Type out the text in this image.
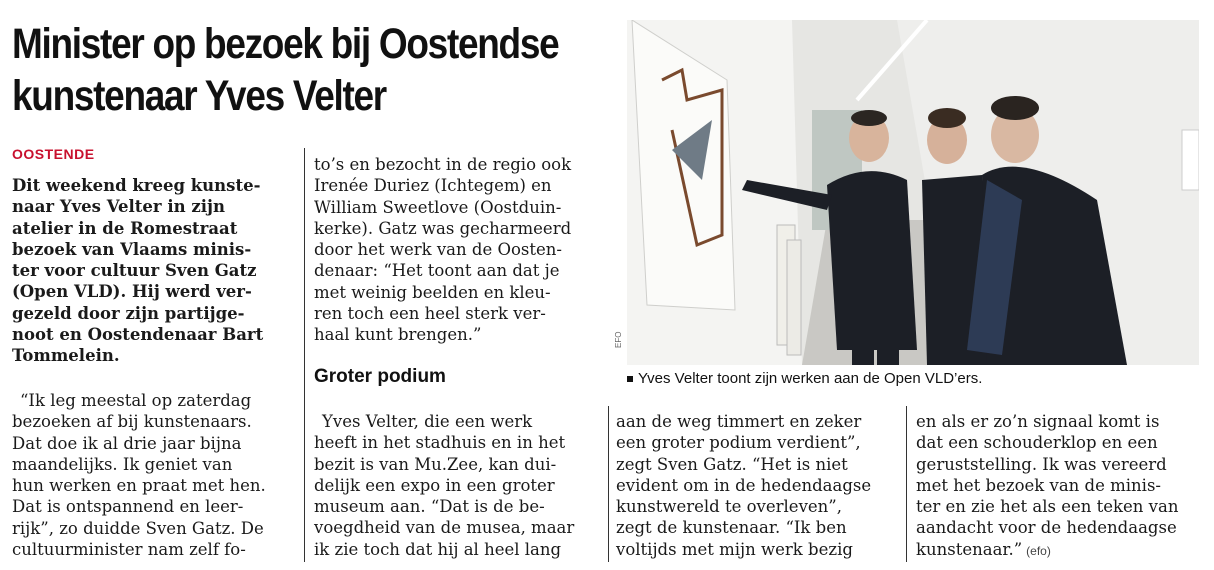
Minister op bezoek bij Oostendse
kunstenaar Yves Velter
OOSTENDE
Dit weekend kreeg kunste-
naar Yves Velter in zijn
atelier in de Romestraat
bezoek van Vlaams minis-
ter voor cultuur Sven Gatz
(Open VLD). Hij werd ver-
gezeld door zijn partijge-
noot en Oostendenaar Bart
Tommelein.
“Ik leg meestal op zaterdag
bezoeken af bij kunstenaars.
Dat doe ik al drie jaar bijna
maandelijks. Ik geniet van
hun werken en praat met hen.
Dat is ontspannend en leer-
rijk”, zo duidde Sven Gatz. De
cultuurminister nam zelf fo-
to’s en bezocht in de regio ook
Irenée Duriez (Ichtegem) en
William Sweetlove (Oostduin-
kerke). Gatz was gecharmeerd
door het werk van de Oosten-
denaar: “Het toont aan dat je
met weinig beelden en kleu-
ren toch een heel sterk ver-
haal kunt brengen.”
Groter podium
Yves Velter, die een werk
heeft in het stadhuis en in het
bezit is van Mu.Zee, kan dui-
delijk een expo in een groter
museum aan. “Dat is de be-
voegdheid van de musea, maar
ik zie toch dat hij al heel lang
EFO
Yves Velter toont zijn werken aan de Open VLD’ers.
aan de weg timmert en zeker
een groter podium verdient”,
zegt Sven Gatz. “Het is niet
evident om in de hedendaagse
kunstwereld te overleven”,
zegt de kunstenaar. “Ik ben
voltijds met mijn werk bezig
en als er zo’n signaal komt is
dat een schouderklop en een
geruststelling. Ik was vereerd
met het bezoek van de minis-
ter en zie het als een teken van
aandacht voor de hedendaagse
kunstenaar.” (efo)
